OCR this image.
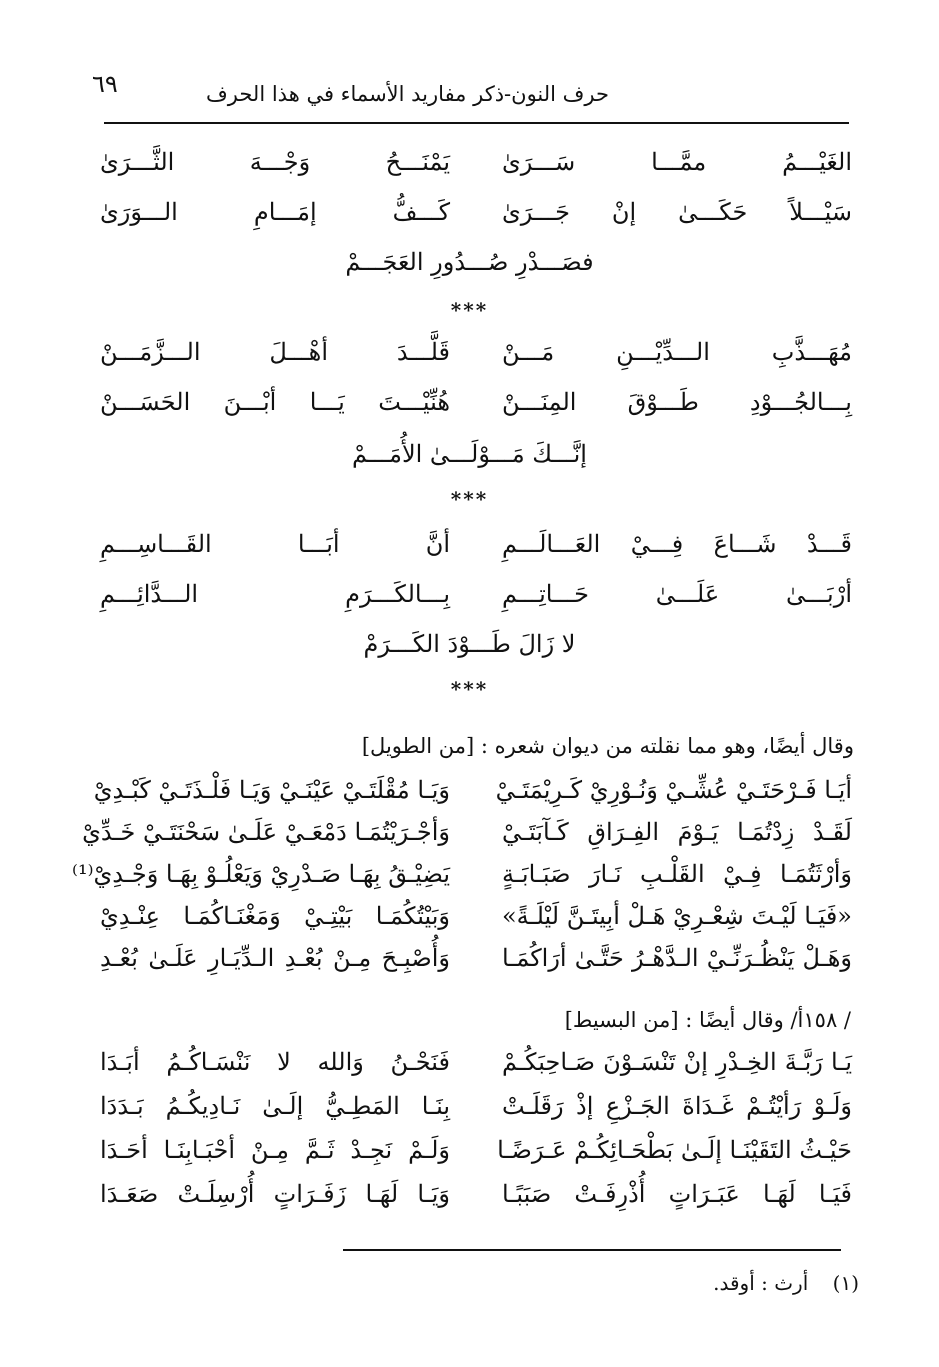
٦٩	حرف النون-ذكر مفاريد الأسماء في هذا الحرف
الغَيْـــمُ ممَّـــا سَـــرَىٰ
يَمْنَـــحُ وَجْـــهَ الثَّـــرَىٰ
سَيْـــلاً حَكَـــىٰ إنْ جَـــرَىٰ
كَـــفُّ إمَـــامِ الـــوَرَىٰ
فصَـــدْرِ صُـــدُورِ العَجَـــمْ
***
مُهَـــذَّبِ الـــدِّيْـــنِ مَـــنْ
قَلَّـــدَ أهْـــلَ الـــزَّمَـــنْ
بِـــالجُـــوْدِ طَـــوْقَ المِنَـــنْ
هُنِّيْـــتَ يَـــا أبْـــنَ الحَسَـــنْ
إنَّـــكَ مَـــوْلَـــىٰ الأُمَـــمْ
***
قَـــدْ شَـــاعَ فِـــيْ العَـــالَـــمِ
أنَّ أبَـــا القَـــاسِـــمِ
أرْبَـــىٰ عَلَـــىٰ حَـــاتِـــمِ
بِـــالكَـــرَمِ الـــدَّائِـــمِ
لا زَالَ طَـــوْدَ الكَـــرَمْ
***
وقال أيضًا، وهو مما نقلته من ديوان شعره : [من الطويل]
أيَـا فَـرْحَتَـيْ عُشِّـيْ وَنُـوْرِيْ كَـرِيْمَتَـيْ
وَيَـا مُقْلَتَـيْ عَيْنَـيْ وَيَـا فَلْـذَتَـيْ كَبْـدِيْ
لَقَـدْ زِدْتُمَـا يَـوْمَ الفِـرَاقِ كَـآبَتَـيْ
وَأجْـرَيْتُمَـا دَمْعَـيْ عَلَـىٰ سَحْنَتَـيْ خَـدِّيْ
وَأرْثَتُمَـا فِـيْ القَلْـبِ نَـارَ صَبَـابَـةٍ
يَضِيْـقُ بِهَـا صَـدْرِيْ وَيَعْلُـوْ بِهَـا وَجْـدِيْ⁽¹⁾
«فَيَـا لَيْـتَ شِعْـرِيْ هَـلْ أبِيتَـنَّ لَيْلَـةً»
وَبَيْتُكُمَـا بَيْتِـيْ وَمَغْنَـاكُمَـا عِنْـدِيْ
وَهَـلْ يَنْظُـرَنِّـيْ الـدَّهْـرُ حَتَّـىٰ أرَاكُمَـا
وَأُصْبِـحَ مِـنْ بُعْـدِ الـدِّيَـارِ عَلَـىٰ بُعْـدِ
/ ١٥٨أ/ وقال أيضًا : [من البسيط]
يَـا رَبَّـةَ الخِـدْرِ إنْ تَنْسَـوْنَ صَـاحِبَكُـمْ
فَنَحْـنُ وَالله لا نَنْسَـاكُـمُ أبَـدَا
وَلَـوْ رَأيْتُـمْ غَـدَاةَ الجَـزْعِ إذْ رَقَلَـتْ
بِنَـا المَطِـيُّ إلَـىٰ نَـادِيكُـمُ بَـدَدَا
حَيْـثُ التَقَيْنَـا إلَـىٰ بَطْحَـائِكُـمْ عَـرَضًـا
وَلَـمْ نَجِـدْ ثَـمَّ مِـنْ أحْبَـابِنَـا أحَـدَا
فَيَـا لَهَـا عَبَـرَاتٍ أُذْرِفَـتْ صَبَبًـا
وَيَـا لَهَـا زَفَـرَاتٍ أُرْسِلَـتْ صَعَـدَا
(١) أرث : أوقد.
